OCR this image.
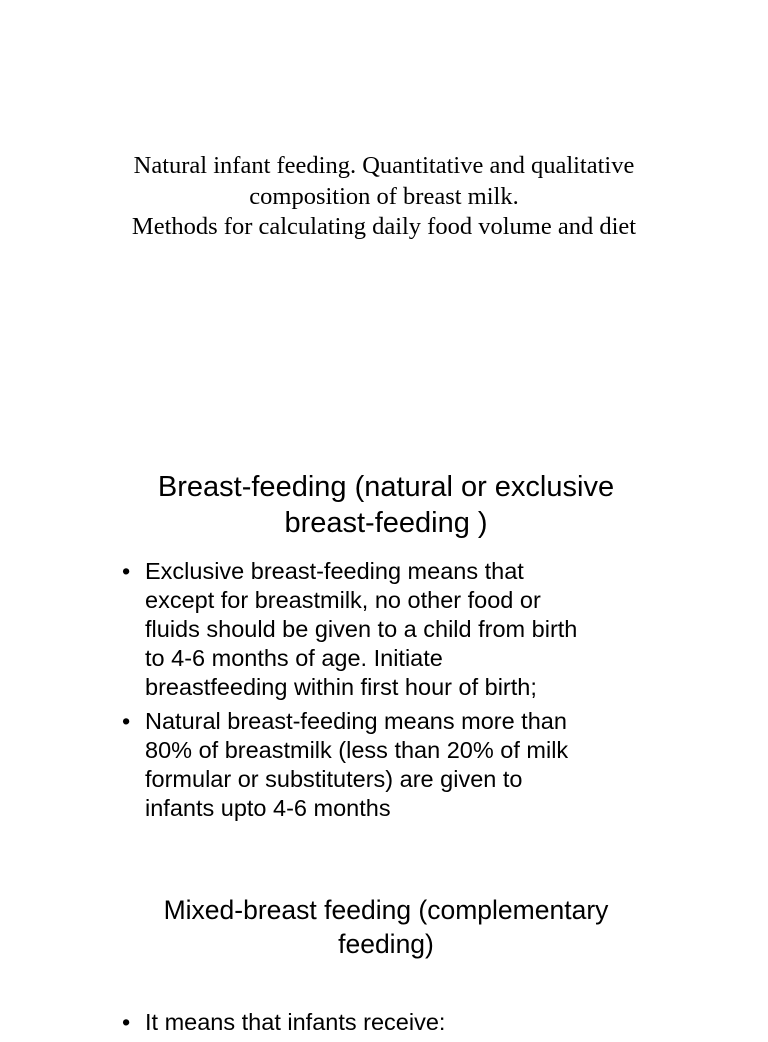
Natural infant feeding. Quantitative and qualitative
composition of breast milk.
Methods for calculating daily food volume and diet
Breast-feeding (natural or exclusive
breast-feeding )
• Exclusive breast-feeding means that
except for breastmilk, no other food or
fluids should be given to a child from birth
to 4-6 months of age. Initiate
breastfeeding within first hour of birth;
• Natural breast-feeding means more than
80% of breastmilk (less than 20% of milk
formular or substituters) are given to
infants upto 4-6 months
Mixed-breast feeding (complementary
feeding)
• It means that infants receive:
